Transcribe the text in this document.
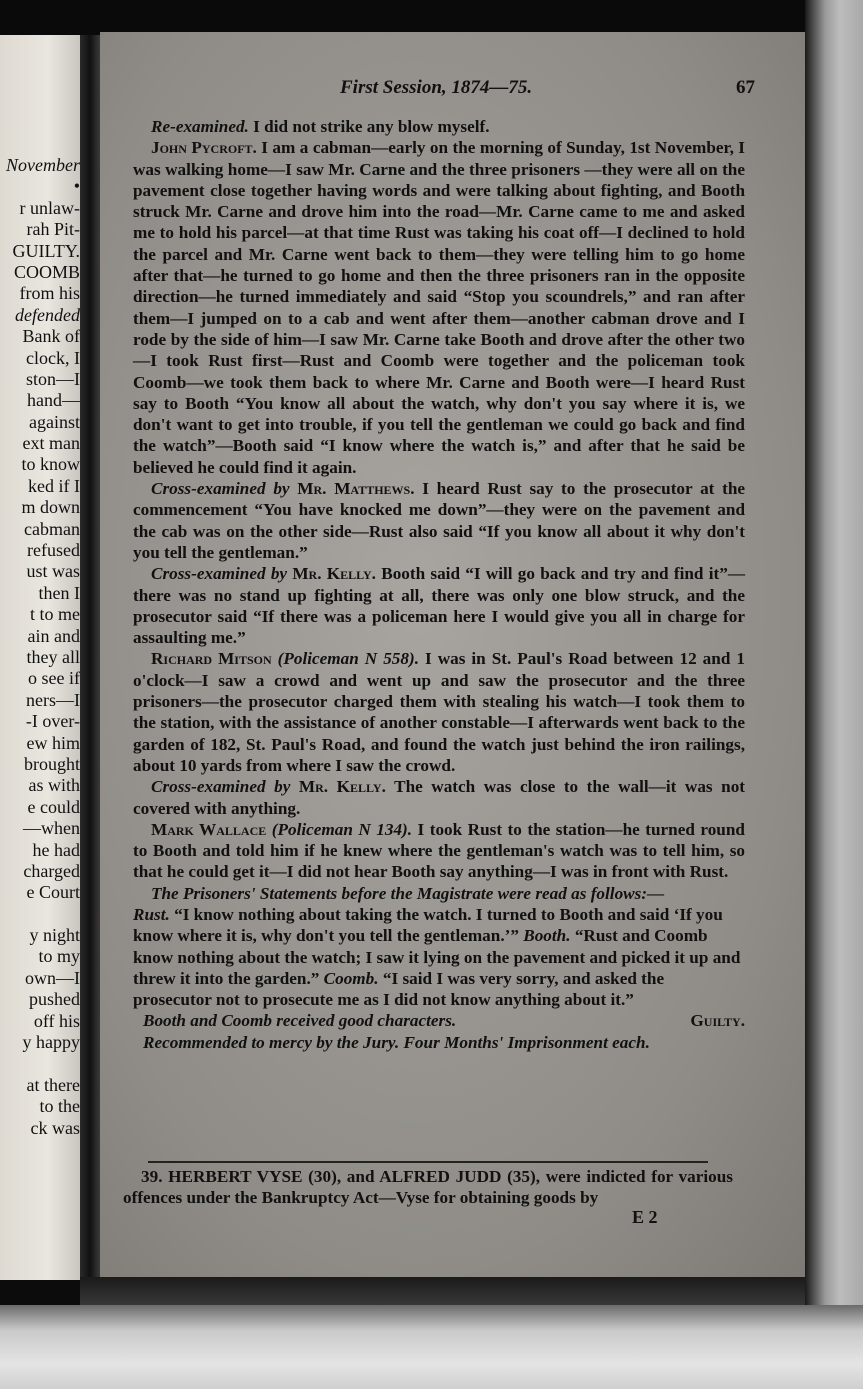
November
•
r unlaw-
rah Pit-
GUILTY.
COOMB
from his
defended
Bank of
clock, I
ston—I
hand—
against
ext man
to know
ked if I
m down
cabman
refused
ust was
then I
t to me
ain and
they all
o see if
ners—I
-I over-
ew him
brought
as with
e could
—when
he had
charged
e Court
y night
to my
own—I
pushed
off his
y happy
at there
to the
ck was
First Session, 1874—75.	67

Re-examined. I did not strike any blow myself.

John Pycroft. I am a cabman—early on the morning of Sunday, 1st November, I was walking home—I saw Mr. Carne and the three prisoners —they were all on the pavement close together having words and were talking about fighting, and Booth struck Mr. Carne and drove him into the road—Mr. Carne came to me and asked me to hold his parcel—at that time Rust was taking his coat off—I declined to hold the parcel and Mr. Carne went back to them—they were telling him to go home after that—he turned to go home and then the three prisoners ran in the opposite direction—he turned immediately and said “Stop you scoundrels,” and ran after them—I jumped on to a cab and went after them—another cabman drove and I rode by the side of him—I saw Mr. Carne take Booth and drove after the other two—I took Rust first—Rust and Coomb were together and the policeman took Coomb—we took them back to where Mr. Carne and Booth were—I heard Rust say to Booth “You know all about the watch, why don't you say where it is, we don't want to get into trouble, if you tell the gentleman we could go back and find the watch”—Booth said “I know where the watch is,” and after that he said be believed he could find it again.

Cross-examined by Mr. Matthews. I heard Rust say to the prosecutor at the commencement “You have knocked me down”—they were on the pavement and the cab was on the other side—Rust also said “If you know all about it why don't you tell the gentleman.”

Cross-examined by Mr. Kelly. Booth said “I will go back and try and find it”—there was no stand up fighting at all, there was only one blow struck, and the prosecutor said “If there was a policeman here I would give you all in charge for assaulting me.”

Richard Mitson (Policeman N 558). I was in St. Paul's Road between 12 and 1 o'clock—I saw a crowd and went up and saw the prosecutor and the three prisoners—the prosecutor charged them with stealing his watch—I took them to the station, with the assistance of another constable—I afterwards went back to the garden of 182, St. Paul's Road, and found the watch just behind the iron railings, about 10 yards from where I saw the crowd.

Cross-examined by Mr. Kelly. The watch was close to the wall—it was not covered with anything.

Mark Wallace (Policeman N 134). I took Rust to the station—he turned round to Booth and told him if he knew where the gentleman's watch was to tell him, so that he could get it—I did not hear Booth say anything—I was in front with Rust.

The Prisoners' Statements before the Magistrate were read as follows:—

Rust. “I know nothing about taking the watch. I turned to Booth and said ‘If you know where it is, why don't you tell the gentleman.’” Booth. “Rust and Coomb know nothing about the watch; I saw it lying on the pavement and picked it up and threw it into the garden.” Coomb. “I said I was very sorry, and asked the prosecutor not to prosecute me as I did not know anything about it.”

Booth and Coomb received good characters.	Guilty.

Recommended to mercy by the Jury. Four Months' Imprisonment each.

39. HERBERT VYSE (30), and ALFRED JUDD (35), were indicted for various offences under the Bankruptcy Act—Vyse for obtaining goods by

E 2
